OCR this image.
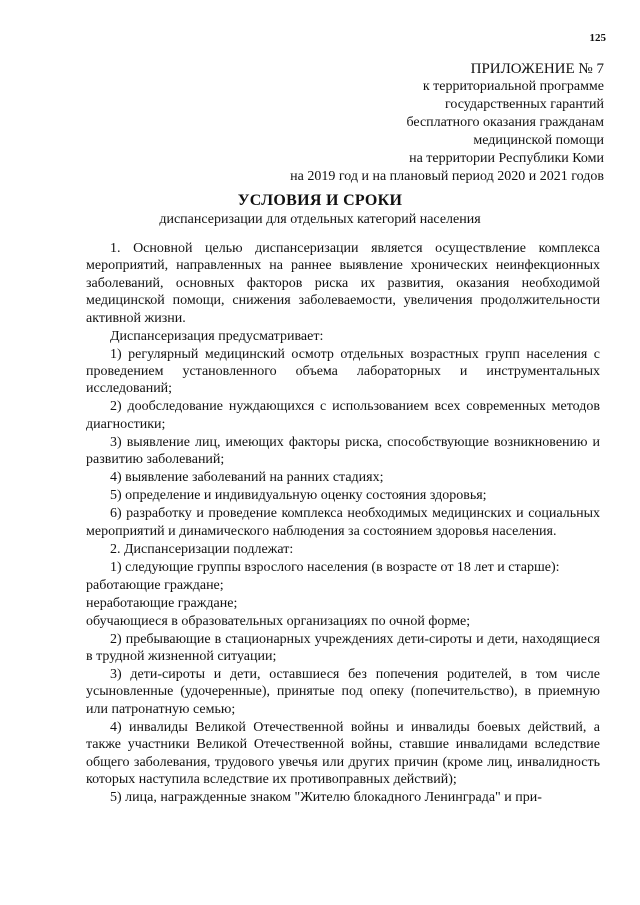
125
ПРИЛОЖЕНИЕ № 7
к территориальной программе
государственных гарантий
бесплатного оказания гражданам
медицинской помощи
на территории Республики Коми
на 2019 год и на плановый период 2020 и 2021 годов
УСЛОВИЯ И СРОКИ
диспансеризации для отдельных категорий населения

1. Основной целью диспансеризации является осуществление комплекса мероприятий, направленных на раннее выявление хронических неинфекционных заболеваний, основных факторов риска их развития, оказания необходимой медицинской помощи, снижения заболеваемости, увеличения продолжительности активной жизни.

Диспансеризация предусматривает:

1) регулярный медицинский осмотр отдельных возрастных групп населения с проведением установленного объема лабораторных и инструментальных исследований;

2) дообследование нуждающихся с использованием всех современных методов диагностики;

3) выявление лиц, имеющих факторы риска, способствующие возникновению и развитию заболеваний;

4) выявление заболеваний на ранних стадиях;

5) определение и индивидуальную оценку состояния здоровья;

6) разработку и проведение комплекса необходимых медицинских и социальных мероприятий и динамического наблюдения за состоянием здоровья населения.

2. Диспансеризации подлежат:

1) следующие группы взрослого населения (в возрасте от 18 лет и старше):

работающие граждане;

неработающие граждане;

обучающиеся в образовательных организациях по очной форме;

2) пребывающие в стационарных учреждениях дети-сироты и дети, находящиеся в трудной жизненной ситуации;

3) дети-сироты и дети, оставшиеся без попечения родителей, в том числе усыновленные (удочеренные), принятые под опеку (попечительство), в приемную или патронатную семью;

4) инвалиды Великой Отечественной войны и инвалиды боевых действий, а также участники Великой Отечественной войны, ставшие инвалидами вследствие общего заболевания, трудового увечья или других причин (кроме лиц, инвалидность которых наступила вследствие их противоправных действий);

5) лица, награжденные знаком "Жителю блокадного Ленинграда" и при-
